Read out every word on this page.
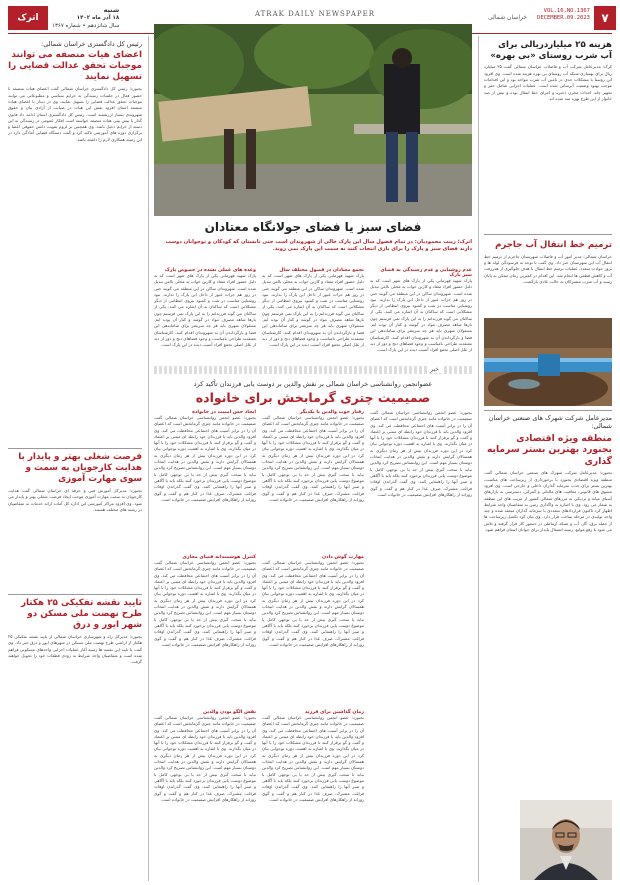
اترک
شنبه
۱۸ آذر ماه ۱۴۰۲
سال شانزدهم • شماره ۱۳۶۷
ATRAK DAILY NEWSPAPER	خراسان شمالی
VOL.16,NO.1367
DECEMBER.09.2023 ۷
هزینه ۲۵ میلیاردریالی برای آب شرب روستای «بی بهره»
کرک؛ مدیرعامل شرکت آب و فاضلاب خراسان شمالی گفت ۲۵ میلیارد ریال برای بهسازی شبکه آب روستای بی بهره هزینه شده است. وی افزود این روستا با مشکلات جدی در تامین آب شرب مواجه بود و این اقدامات موجب بهبود وضعیت آبرسانی شده است. عملیات اجرایی شامل حفر و تجهیز چاه، احداث مخزن ذخیره و اجرای خط انتقال بوده و بیش از صد خانوار از این طرح بهره مند شده اند.
ترمیم خط انتقال آب جاجرم
خراسان شمالی؛ مدیر امور آب و فاضلاب شهرستان جاجرم از ترمیم خط انتقال آب این شهرستان خبر داد. وی گفت با توجه به فرسودگی لوله ها و بروز حوادث متعدد، عملیات ترمیم خط انتقال با هدف جلوگیری از هدررفت آب و کاهش قطعی ها انجام شد. این اقدام در کمترین زمان ممکن به پایان رسید و آب شرب مشترکان به حالت عادی بازگشت.
مدیرعامل شرکت شهرک های صنعتی خراسان شمالی:
منطقه ویژه اقتصادی بجنورد بهترین بستر سرمایه گذاری
بجنورد؛ مدیرعامل شرکت شهرک های صنعتی خراسان شمالی گفت منطقه ویژه اقتصادی بجنورد با برخورداری از زیرساخت های مناسب، بهترین بستر برای جذب سرمایه گذاران داخلی و خارجی است. وی افزود مشوق های قانونی، معافیت های مالیاتی و گمرکی، دسترسی به بازارهای آسیای میانه و نزدیکی به مرزهای شمالی کشور از مزیت های این منطقه به شمار می رود. وی با اشاره به واگذاری زمین به متقاضیان واجد شرایط اظهار کرد تاکنون قراردادهای متعددی با سرمایه گذاران منعقد شده و چند واحد تولیدی در مرحله ساخت قرار دارد. وی بیان کرد تکمیل زیرساخت ها از جمله برق، گاز، آب و شبکه ارتباطی در دستور کار قرار گرفته و تلاش می شود با رفع موانع، زمینه اشتغال پایدار برای جوانان استان فراهم شود.
فضای سبز یا فضای جولانگاه معتادان
اترک؛ زینب محمودیان: در تمام فصول سال این پارک خالی از شهروندان است حتی تابستان که کودکان و نوجوانان دوست دارند فضای سبز و پارک را برای بازی انتخاب کنند نه سمت این پارک نمی روند.
عدم روشنایی و عدم رسیدگی به فضای سبز پارک
پارک شهید قهرمانی یکی از پارک های شهر است که به دلیل حضور افراد معتاد و کارتن خواب به محلی ناامن تبدیل شده است. شهروندان ساکن در این منطقه می گویند حتی در روز هم جرات عبور از داخل این پارک را ندارند. نبود روشنایی مناسب در شب و کمبود نیروی انتظامی از دیگر مشکلاتی است که ساکنان به آن اشاره می کنند. یکی از ساکنان می گوید فرزندانم را به این پارک نمی فرستم چون بارها شاهد مصرف مواد در گوشه و کنار آن بوده ایم. مسئولان شهری باید هر چه سریعتر برای ساماندهی این فضا و بازگرداندن آن به شهروندان اقدام کنند. کارشناسان معتقدند طراحی نامناسب و وجود فضاهای دنج و دور از دید از علل اصلی تجمع افراد آسیب دیده در این پارک است.
تجمع معتادان در فصول مختلف سال
پارک شهید قهرمانی یکی از پارک های شهر است که به دلیل حضور افراد معتاد و کارتن خواب به محلی ناامن تبدیل شده است. شهروندان ساکن در این منطقه می گویند حتی در روز هم جرات عبور از داخل این پارک را ندارند. نبود روشنایی مناسب در شب و کمبود نیروی انتظامی از دیگر مشکلاتی است که ساکنان به آن اشاره می کنند. یکی از ساکنان می گوید فرزندانم را به این پارک نمی فرستم چون بارها شاهد مصرف مواد در گوشه و کنار آن بوده ایم. مسئولان شهری باید هر چه سریعتر برای ساماندهی این فضا و بازگرداندن آن به شهروندان اقدام کنند. کارشناسان معتقدند طراحی نامناسب و وجود فضاهای دنج و دور از دید از علل اصلی تجمع افراد آسیب دیده در این پارک است.
وعده های عملی نشده در خصوص پارک
پارک شهید قهرمانی یکی از پارک های شهر است که به دلیل حضور افراد معتاد و کارتن خواب به محلی ناامن تبدیل شده است. شهروندان ساکن در این منطقه می گویند حتی در روز هم جرات عبور از داخل این پارک را ندارند. نبود روشنایی مناسب در شب و کمبود نیروی انتظامی از دیگر مشکلاتی است که ساکنان به آن اشاره می کنند. یکی از ساکنان می گوید فرزندانم را به این پارک نمی فرستم چون بارها شاهد مصرف مواد در گوشه و کنار آن بوده ایم. مسئولان شهری باید هر چه سریعتر برای ساماندهی این فضا و بازگرداندن آن به شهروندان اقدام کنند. کارشناسان معتقدند طراحی نامناسب و وجود فضاهای دنج و دور از دید از علل اصلی تجمع افراد آسیب دیده در این پارک است.
خبر
عضوانجمن روانشناسی خراسان شمالی بر نقش والدین بر دوست یابی فرزندان تأکید کرد
صمیمیت چتری گرمابخش برای خانواده
بجنورد؛ عضو انجمن روانشناسی خراسان شمالی گفت صمیمیت در خانواده مانند چتری گرمابخش است که اعضای آن را در برابر آسیب های اجتماعی محافظت می کند. وی افزود والدین باید با فرزندان خود رابطه ای مبتنی بر اعتماد و گفت و گو برقرار کنند تا فرزندان مشکلات خود را با آنها در میان بگذارند. وی با اشاره به اهمیت دوره نوجوانی بیان کرد در این دوره فرزندان بیش از هر زمان دیگری به همسالان گرایش دارند و نقش والدین در هدایت انتخاب دوستان بسیار مهم است. این روانشناس تصریح کرد والدین نباید با سخت گیری بیش از حد یا بی توجهی کامل با موضوع دوست یابی فرزندان برخورد کنند بلکه باید با آگاهی و صبر آنها را راهنمایی کنند. وی گفت گذراندن اوقات فراغت مشترک، صرف غذا در کنار هم و گفت و گوی روزانه از راهکارهای افزایش صمیمیت در خانواده است.
رفتار خوب والدین با یکدیگر
بجنورد؛ عضو انجمن روانشناسی خراسان شمالی گفت صمیمیت در خانواده مانند چتری گرمابخش است که اعضای آن را در برابر آسیب های اجتماعی محافظت می کند. وی افزود والدین باید با فرزندان خود رابطه ای مبتنی بر اعتماد و گفت و گو برقرار کنند تا فرزندان مشکلات خود را با آنها در میان بگذارند. وی با اشاره به اهمیت دوره نوجوانی بیان کرد در این دوره فرزندان بیش از هر زمان دیگری به همسالان گرایش دارند و نقش والدین در هدایت انتخاب دوستان بسیار مهم است. این روانشناس تصریح کرد والدین نباید با سخت گیری بیش از حد یا بی توجهی کامل با موضوع دوست یابی فرزندان برخورد کنند بلکه باید با آگاهی و صبر آنها را راهنمایی کنند. وی گفت گذراندن اوقات فراغت مشترک، صرف غذا در کنار هم و گفت و گوی روزانه از راهکارهای افزایش صمیمیت در خانواده است.
مهارت گوش دادن
بجنورد؛ عضو انجمن روانشناسی خراسان شمالی گفت صمیمیت در خانواده مانند چتری گرمابخش است که اعضای آن را در برابر آسیب های اجتماعی محافظت می کند. وی افزود والدین باید با فرزندان خود رابطه ای مبتنی بر اعتماد و گفت و گو برقرار کنند تا فرزندان مشکلات خود را با آنها در میان بگذارند. وی با اشاره به اهمیت دوره نوجوانی بیان کرد در این دوره فرزندان بیش از هر زمان دیگری به همسالان گرایش دارند و نقش والدین در هدایت انتخاب دوستان بسیار مهم است. این روانشناس تصریح کرد والدین نباید با سخت گیری بیش از حد یا بی توجهی کامل با موضوع دوست یابی فرزندان برخورد کنند بلکه باید با آگاهی و صبر آنها را راهنمایی کنند. وی گفت گذراندن اوقات فراغت مشترک، صرف غذا در کنار هم و گفت و گوی روزانه از راهکارهای افزایش صمیمیت در خانواده است.
زمان گذاشتن برای فرزند
بجنورد؛ عضو انجمن روانشناسی خراسان شمالی گفت صمیمیت در خانواده مانند چتری گرمابخش است که اعضای آن را در برابر آسیب های اجتماعی محافظت می کند. وی افزود والدین باید با فرزندان خود رابطه ای مبتنی بر اعتماد و گفت و گو برقرار کنند تا فرزندان مشکلات خود را با آنها در میان بگذارند. وی با اشاره به اهمیت دوره نوجوانی بیان کرد در این دوره فرزندان بیش از هر زمان دیگری به همسالان گرایش دارند و نقش والدین در هدایت انتخاب دوستان بسیار مهم است. این روانشناس تصریح کرد والدین نباید با سخت گیری بیش از حد یا بی توجهی کامل با موضوع دوست یابی فرزندان برخورد کنند بلکه باید با آگاهی و صبر آنها را راهنمایی کنند. وی گفت گذراندن اوقات فراغت مشترک، صرف غذا در کنار هم و گفت و گوی روزانه از راهکارهای افزایش صمیمیت در خانواده است.
ایجاد حس امنیت در خانواده
بجنورد؛ عضو انجمن روانشناسی خراسان شمالی گفت صمیمیت در خانواده مانند چتری گرمابخش است که اعضای آن را در برابر آسیب های اجتماعی محافظت می کند. وی افزود والدین باید با فرزندان خود رابطه ای مبتنی بر اعتماد و گفت و گو برقرار کنند تا فرزندان مشکلات خود را با آنها در میان بگذارند. وی با اشاره به اهمیت دوره نوجوانی بیان کرد در این دوره فرزندان بیش از هر زمان دیگری به همسالان گرایش دارند و نقش والدین در هدایت انتخاب دوستان بسیار مهم است. این روانشناس تصریح کرد والدین نباید با سخت گیری بیش از حد یا بی توجهی کامل با موضوع دوست یابی فرزندان برخورد کنند بلکه باید با آگاهی و صبر آنها را راهنمایی کنند. وی گفت گذراندن اوقات فراغت مشترک، صرف غذا در کنار هم و گفت و گوی روزانه از راهکارهای افزایش صمیمیت در خانواده است.
کنترل هوشمندانه فضای مجازی
بجنورد؛ عضو انجمن روانشناسی خراسان شمالی گفت صمیمیت در خانواده مانند چتری گرمابخش است که اعضای آن را در برابر آسیب های اجتماعی محافظت می کند. وی افزود والدین باید با فرزندان خود رابطه ای مبتنی بر اعتماد و گفت و گو برقرار کنند تا فرزندان مشکلات خود را با آنها در میان بگذارند. وی با اشاره به اهمیت دوره نوجوانی بیان کرد در این دوره فرزندان بیش از هر زمان دیگری به همسالان گرایش دارند و نقش والدین در هدایت انتخاب دوستان بسیار مهم است. این روانشناس تصریح کرد والدین نباید با سخت گیری بیش از حد یا بی توجهی کامل با موضوع دوست یابی فرزندان برخورد کنند بلکه باید با آگاهی و صبر آنها را راهنمایی کنند. وی گفت گذراندن اوقات فراغت مشترک، صرف غذا در کنار هم و گفت و گوی روزانه از راهکارهای افزایش صمیمیت در خانواده است.
نقش الگو بودن والدین
بجنورد؛ عضو انجمن روانشناسی خراسان شمالی گفت صمیمیت در خانواده مانند چتری گرمابخش است که اعضای آن را در برابر آسیب های اجتماعی محافظت می کند. وی افزود والدین باید با فرزندان خود رابطه ای مبتنی بر اعتماد و گفت و گو برقرار کنند تا فرزندان مشکلات خود را با آنها در میان بگذارند. وی با اشاره به اهمیت دوره نوجوانی بیان کرد در این دوره فرزندان بیش از هر زمان دیگری به همسالان گرایش دارند و نقش والدین در هدایت انتخاب دوستان بسیار مهم است. این روانشناس تصریح کرد والدین نباید با سخت گیری بیش از حد یا بی توجهی کامل با موضوع دوست یابی فرزندان برخورد کنند بلکه باید با آگاهی و صبر آنها را راهنمایی کنند. وی گفت گذراندن اوقات فراغت مشترک، صرف غذا در کنار هم و گفت و گوی روزانه از راهکارهای افزایش صمیمیت در خانواده است.
رئیس کل دادگستری خراسان شمالی:
اعضای هیات منصفه می توانند موجبات تحقق عدالت قضایی را تسهیل نمایند
بجنورد؛ رئیس کل دادگستری خراسان شمالی گفت اعضای هیات منصفه با حضور فعال در جلسات رسیدگی به جرایم سیاسی و مطبوعاتی می توانند موجبات تحقق عدالت قضایی را تسهیل نمایند. وی در دیدار با اعضای هیات منصفه استان افزود نقش این هیات در صیانت از آزادی بیان و حقوق شهروندی بسیار ارزشمند است. رئیس کل دادگستری استان ادامه داد قانون گذار با پیش بینی هیات منصفه خواسته است افکار عمومی در رسیدگی به این دسته از جرایم دخیل باشد. وی همچنین بر لزوم تقویت دانش حقوقی اعضا و برگزاری دوره های آموزشی تاکید کرد و گفت دستگاه قضایی آمادگی دارد در این زمینه همکاری لازم را داشته باشد.
فرصت شغلی بهتر و پایدار با هدایت کارجویان به سمت و سوی مهارت آموزی
بجنورد؛ مدیرکل آموزش فنی و حرفه ای خراسان شمالی گفت هدایت کارجویان به سمت مهارت آموزی موجب ایجاد فرصت شغلی بهتر و پایدار می شود. وی افزود مراکز آموزشی این اداره کل آماده ارائه خدمات به متقاضیان در رشته های مختلف هستند.
تایید نقشه تفکیکی ۲۵ هکتار طرح نهضت ملی مسکن دو شهر ایور و درق
بجنورد؛ مدیرکل راه و شهرسازی خراسان شمالی از تایید نقشه تفکیکی ۲۵ هکتار از اراضی طرح نهضت ملی مسکن در شهرهای ایور و درق خبر داد. وی گفت با تایید این نقشه ها زمینه آغاز عملیات اجرایی واحدهای مسکونی فراهم شده است و متقاضیان واجد شرایط به زودی قطعات خود را تحویل خواهند گرفت.
